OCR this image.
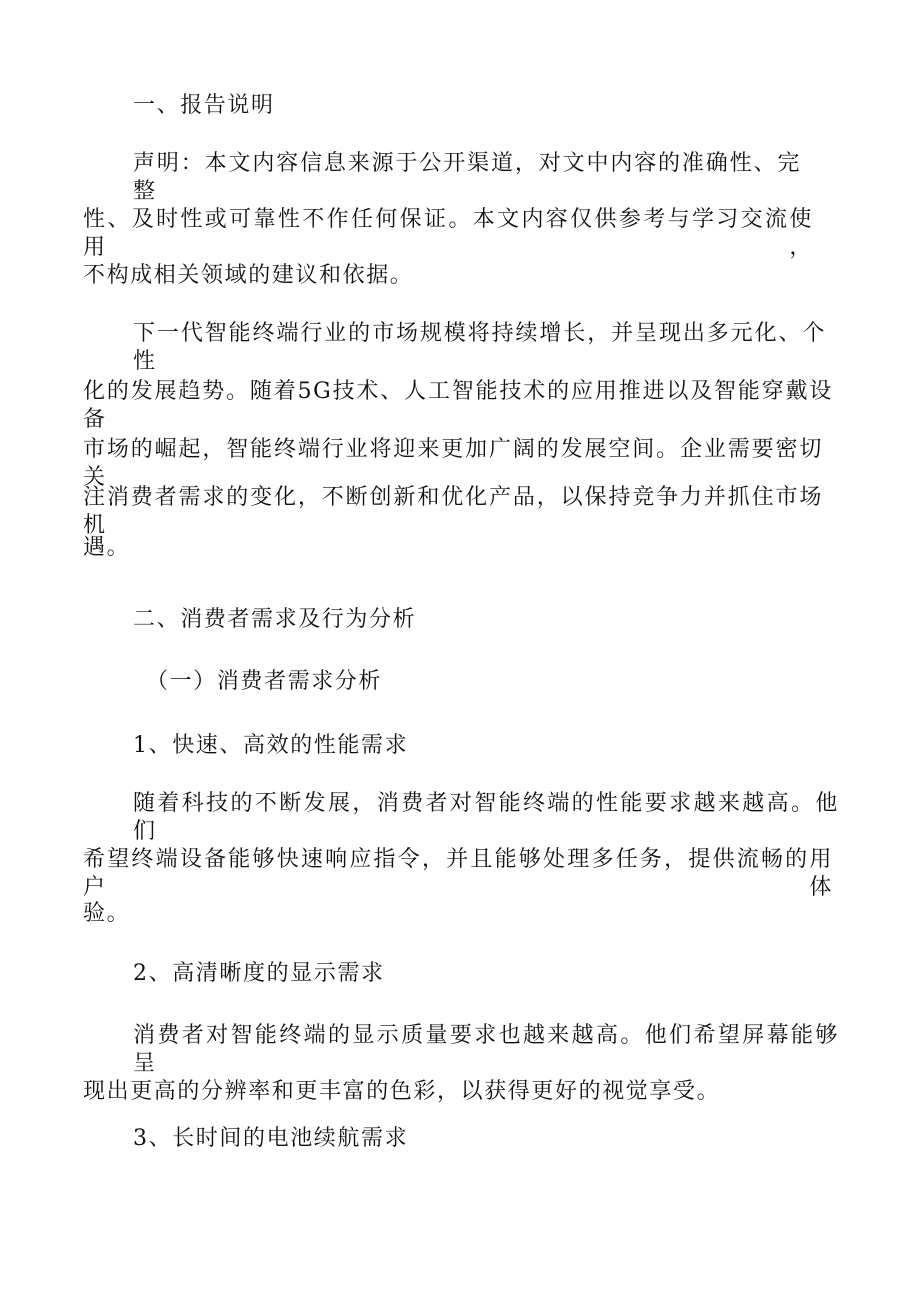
一、报告说明
声明：本文内容信息来源于公开渠道，对文中内容的准确性、完整
性、及时性或可靠性不作任何保证。本文内容仅供参考与学习交流使用，
不构成相关领域的建议和依据。
下一代智能终端行业的市场规模将持续增长，并呈现出多元化、个性
化的发展趋势。随着5G技术、人工智能技术的应用推进以及智能穿戴设备
市场的崛起，智能终端行业将迎来更加广阔的发展空间。企业需要密切关
注消费者需求的变化，不断创新和优化产品，以保持竞争力并抓住市场机
遇。
二、消费者需求及行为分析
（一）消费者需求分析
1、快速、高效的性能需求
随着科技的不断发展，消费者对智能终端的性能要求越来越高。他们
希望终端设备能够快速响应指令，并且能够处理多任务，提供流畅的用户体
验。
2、高清晰度的显示需求
消费者对智能终端的显示质量要求也越来越高。他们希望屏幕能够呈
现出更高的分辨率和更丰富的色彩，以获得更好的视觉享受。
3、长时间的电池续航需求
